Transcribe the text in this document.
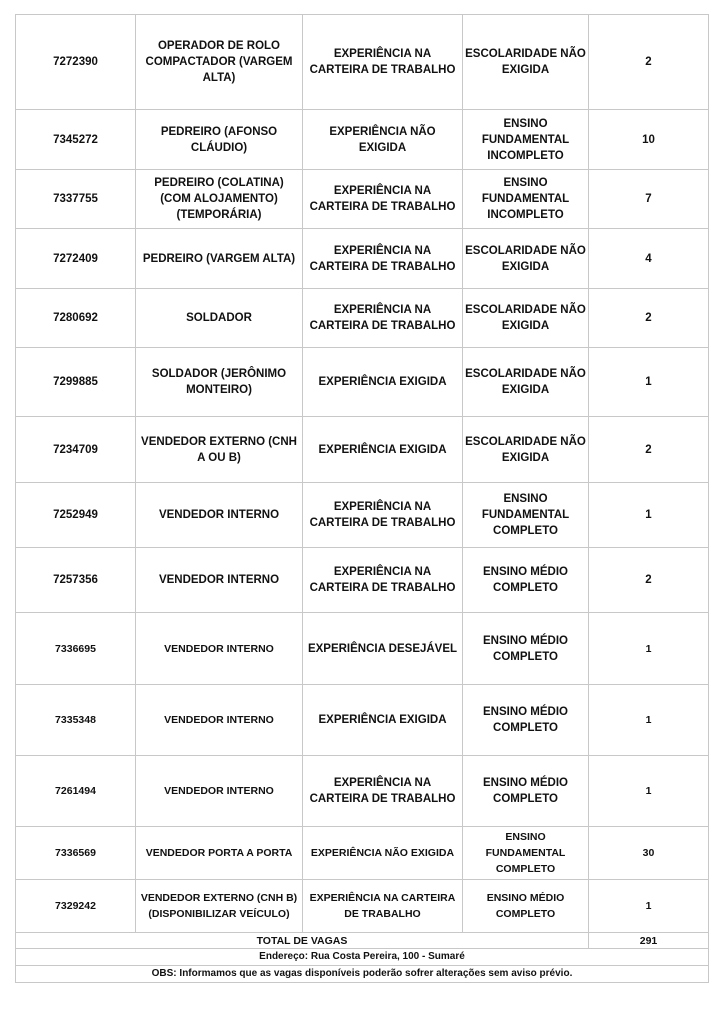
7272390	OPERADOR DE ROLO COMPACTADOR (VARGEM ALTA)	EXPERIÊNCIA NA CARTEIRA DE TRABALHO	ESCOLARIDADE NÃO EXIGIDA	2
7345272	PEDREIRO (AFONSO CLÁUDIO)	EXPERIÊNCIA NÃO EXIGIDA	ENSINO FUNDAMENTAL INCOMPLETO	10
7337755	PEDREIRO (COLATINA) (COM ALOJAMENTO) (TEMPORÁRIA)	EXPERIÊNCIA NA CARTEIRA DE TRABALHO	ENSINO FUNDAMENTAL INCOMPLETO	7
7272409	PEDREIRO (VARGEM ALTA)	EXPERIÊNCIA NA CARTEIRA DE TRABALHO	ESCOLARIDADE NÃO EXIGIDA	4
7280692	SOLDADOR	EXPERIÊNCIA NA CARTEIRA DE TRABALHO	ESCOLARIDADE NÃO EXIGIDA	2
7299885	SOLDADOR (JERÔNIMO MONTEIRO)	EXPERIÊNCIA EXIGIDA	ESCOLARIDADE NÃO EXIGIDA	1
7234709	VENDEDOR EXTERNO (CNH A OU B)	EXPERIÊNCIA EXIGIDA	ESCOLARIDADE NÃO EXIGIDA	2
7252949	VENDEDOR INTERNO	EXPERIÊNCIA NA CARTEIRA DE TRABALHO	ENSINO FUNDAMENTAL COMPLETO	1
7257356	VENDEDOR INTERNO	EXPERIÊNCIA NA CARTEIRA DE TRABALHO	ENSINO MÉDIO COMPLETO	2
7336695	VENDEDOR INTERNO	EXPERIÊNCIA DESEJÁVEL	ENSINO MÉDIO COMPLETO	1
7335348	VENDEDOR INTERNO	EXPERIÊNCIA EXIGIDA	ENSINO MÉDIO COMPLETO	1
7261494	VENDEDOR INTERNO	EXPERIÊNCIA NA CARTEIRA DE TRABALHO	ENSINO MÉDIO COMPLETO	1
7336569	VENDEDOR PORTA A PORTA	EXPERIÊNCIA NÃO EXIGIDA	ENSINO FUNDAMENTAL COMPLETO	30
7329242	VENDEDOR EXTERNO (CNH B) (DISPONIBILIZAR VEÍCULO)	EXPERIÊNCIA NA CARTEIRA DE TRABALHO	ENSINO MÉDIO COMPLETO	1
TOTAL DE VAGAS				291
Endereço: Rua Costa Pereira, 100 - Sumaré				
OBS: Informamos que as vagas disponíveis poderão sofrer alterações sem aviso prévio.				
